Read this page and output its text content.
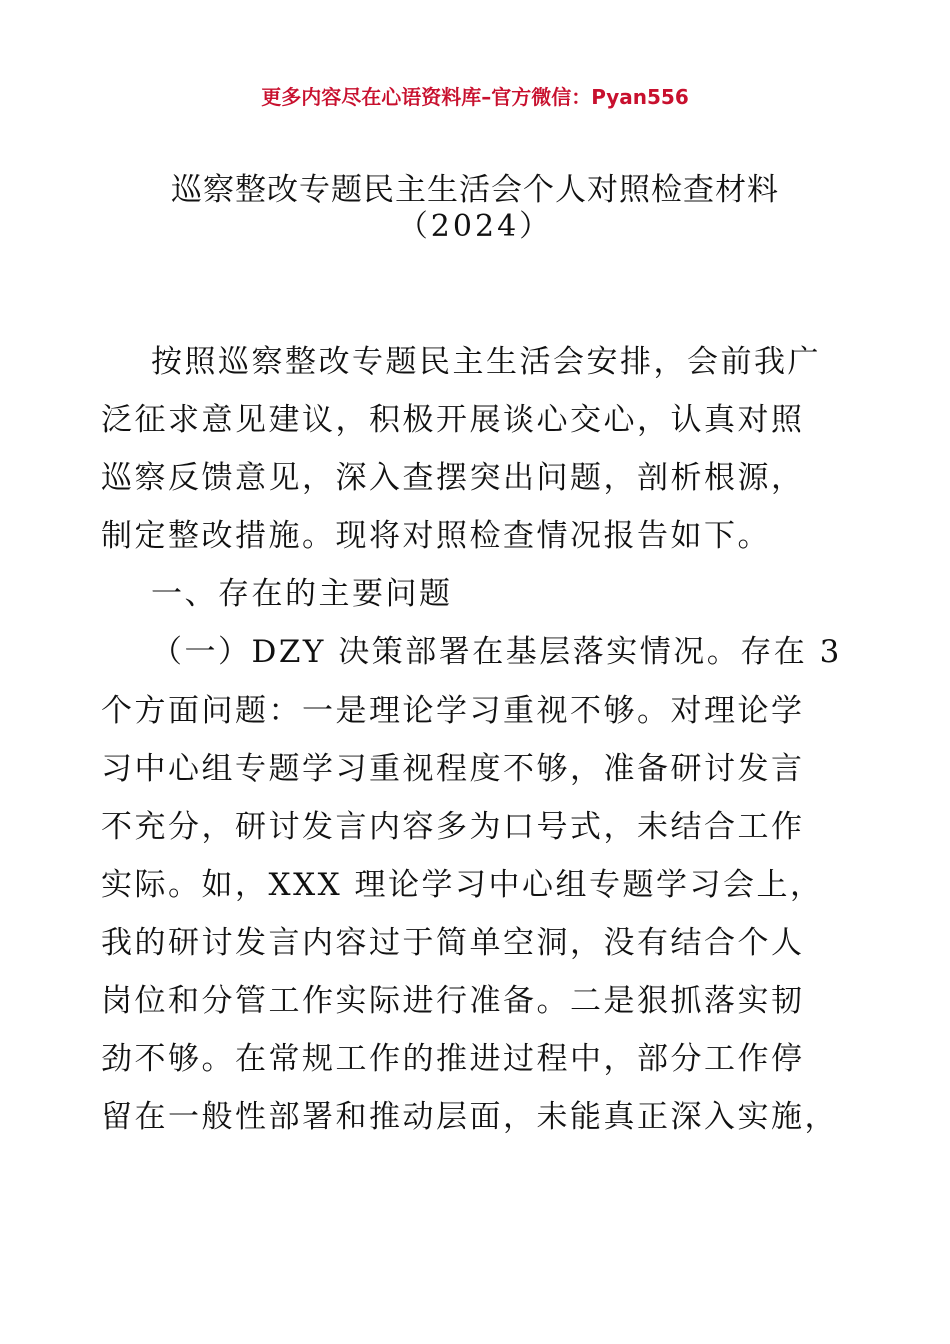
更多内容尽在心语资料库–官方微信：Pyan556
巡察整改专题民主生活会个人对照检查材料
（2024）
按照巡察整改专题民主生活会安排，会前我广
泛征求意见建议，积极开展谈心交心，认真对照
巡察反馈意见，深入查摆突出问题，剖析根源，
制定整改措施。现将对照检查情况报告如下。
一、存在的主要问题
（一）DZY 决策部署在基层落实情况。存在 3
个方面问题：一是理论学习重视不够。对理论学
习中心组专题学习重视程度不够，准备研讨发言
不充分，研讨发言内容多为口号式，未结合工作
实际。如，XXX 理论学习中心组专题学习会上，
我的研讨发言内容过于简单空洞，没有结合个人
岗位和分管工作实际进行准备。二是狠抓落实韧
劲不够。在常规工作的推进过程中，部分工作停
留在一般性部署和推动层面，未能真正深入实施，
